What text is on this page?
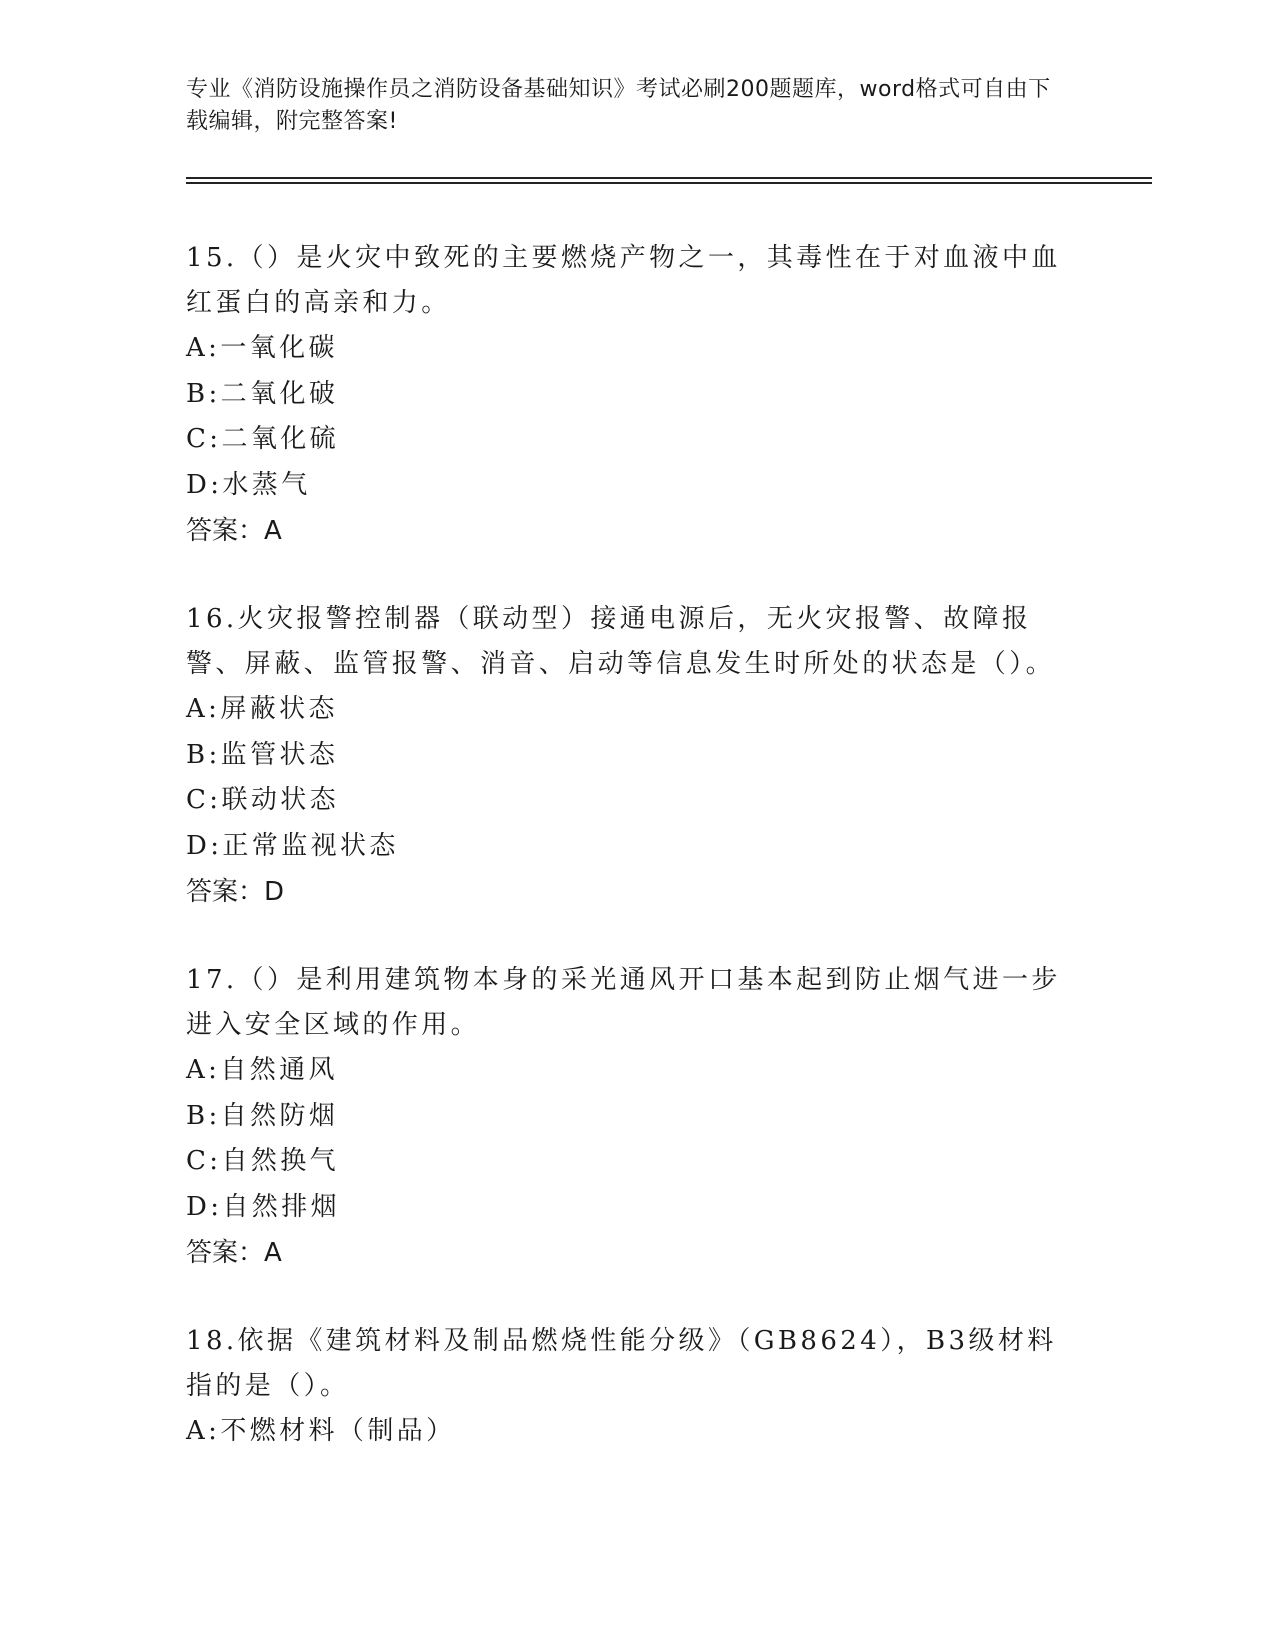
专业《消防设施操作员之消防设备基础知识》考试必刷200题题库，word格式可自由下载编辑，附完整答案!

15.（）是火灾中致死的主要燃烧产物之一，其毒性在于对血液中血红蛋白的高亲和力。

A:一氧化碳

B:二氧化破

C:二氧化硫

D:水蒸气

答案：A

16.火灾报警控制器（联动型）接通电源后，无火灾报警、故障报警、屏蔽、监管报警、消音、启动等信息发生时所处的状态是（）。

A:屏蔽状态

B:监管状态

C:联动状态

D:正常监视状态

答案：D

17.（）是利用建筑物本身的采光通风开口基本起到防止烟气进一步进入安全区域的作用。

A:自然通风

B:自然防烟

C:自然换气

D:自然排烟

答案：A

18.依据《建筑材料及制品燃烧性能分级》（GB8624），B3级材料指的是（）。

A:不燃材料（制品）
